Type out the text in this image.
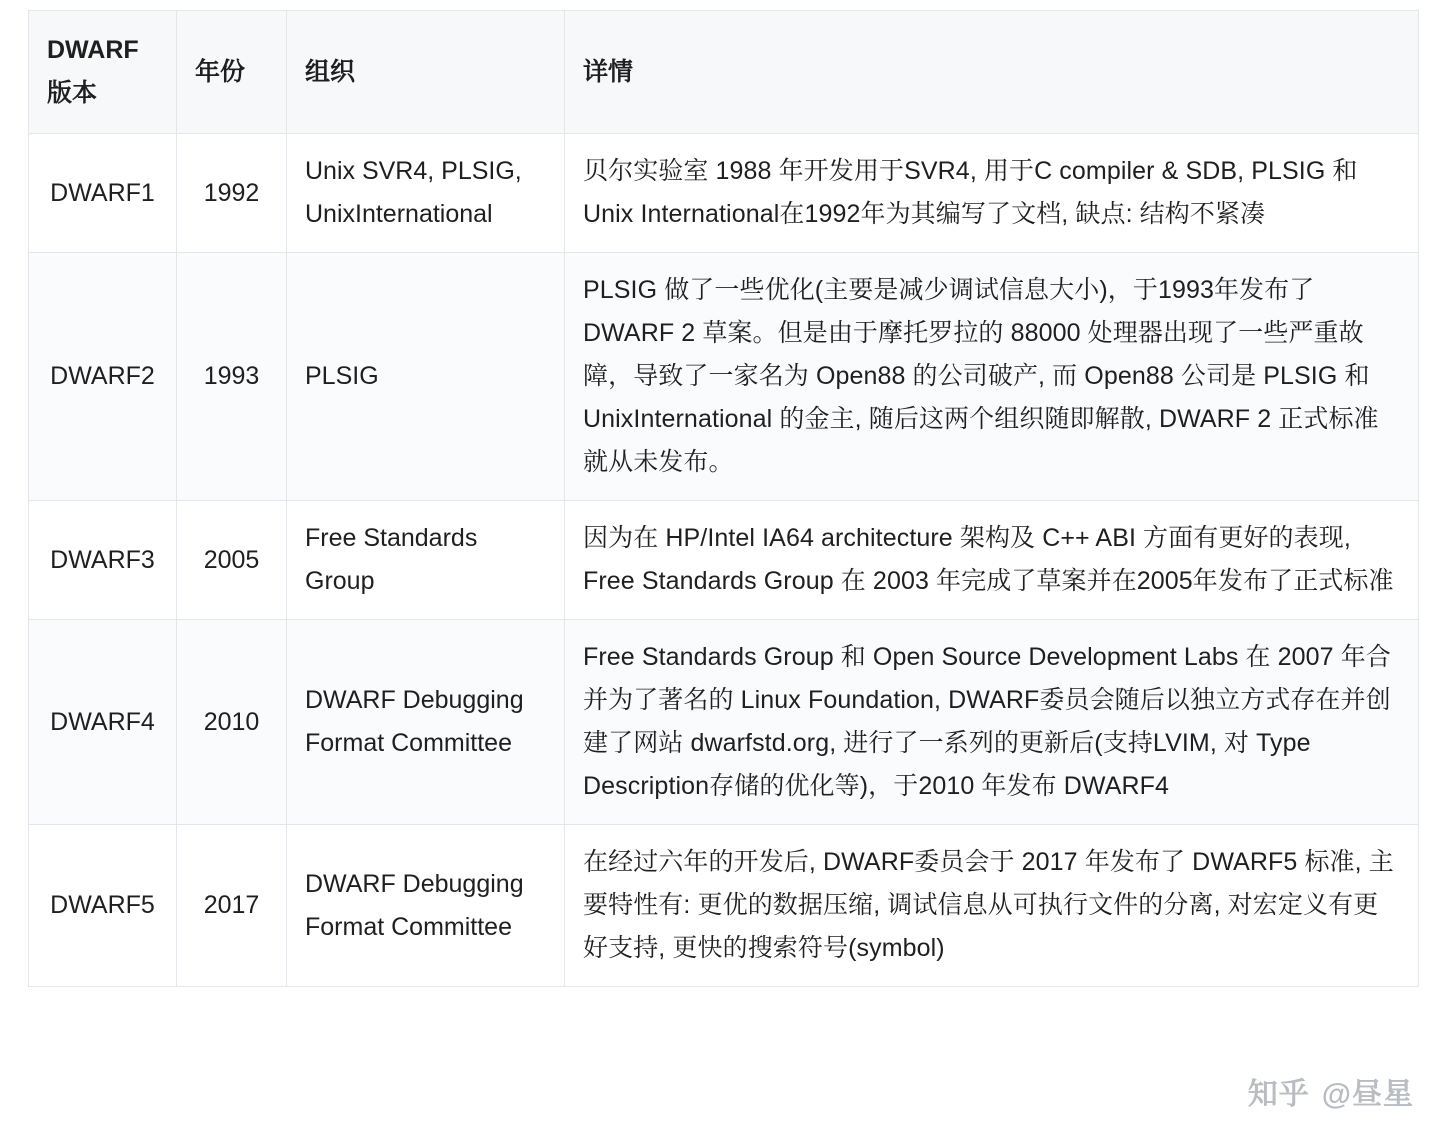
DWARF 版本	年份	组织	详情
DWARF1	1992	Unix SVR4, PLSIG, UnixInternational	贝尔实验室 1988 年开发用于SVR4, 用于C compiler & SDB, PLSIG 和 Unix International在1992年为其编写了文档, 缺点: 结构不紧凑
DWARF2	1993	PLSIG	PLSIG 做了一些优化(主要是减少调试信息大小)，于1993年发布了DWARF 2 草案。但是由于摩托罗拉的 88000 处理器出现了一些严重故障，导致了一家名为 Open88 的公司破产, 而 Open88 公司是 PLSIG 和 UnixInternational 的金主, 随后这两个组织随即解散, DWARF 2 正式标准就从未发布。
DWARF3	2005	Free Standards Group	因为在 HP/Intel IA64 architecture 架构及 C++ ABI 方面有更好的表现, Free Standards Group 在 2003 年完成了草案并在2005年发布了正式标准
DWARF4	2010	DWARF Debugging Format Committee	Free Standards Group 和 Open Source Development Labs 在 2007 年合并为了著名的 Linux Foundation, DWARF委员会随后以独立方式存在并创建了网站 dwarfstd.org, 进行了一系列的更新后(支持LVIM, 对 Type Description存储的优化等)，于2010 年发布 DWARF4
DWARF5	2017	DWARF Debugging Format Committee	在经过六年的开发后, DWARF委员会于 2017 年发布了 DWARF5 标准, 主要特性有: 更优的数据压缩, 调试信息从可执行文件的分离, 对宏定义有更好支持, 更快的搜索符号(symbol)
知乎 @昼星
